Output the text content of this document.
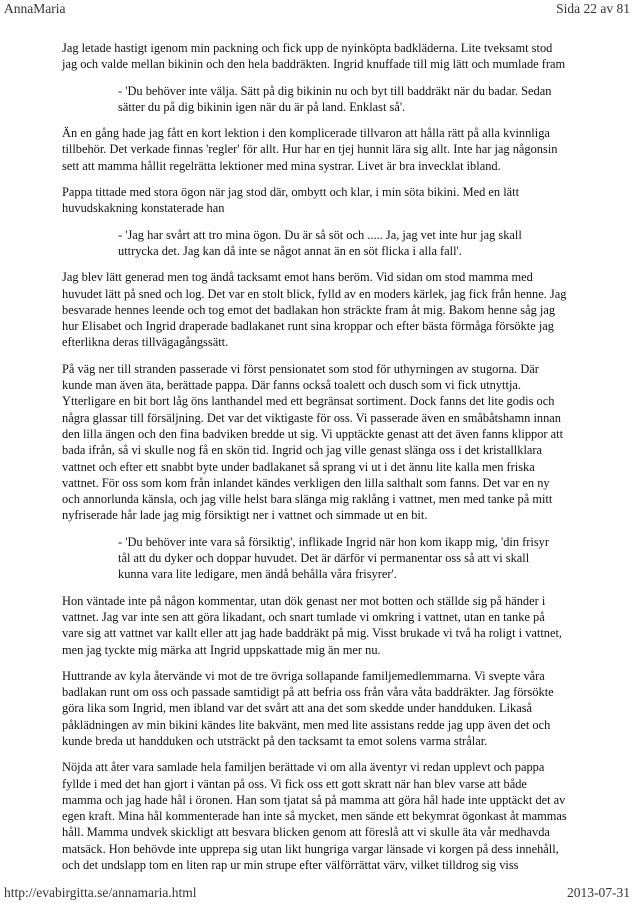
AnnaMaria	Sida 22 av 81

Jag letade hastigt igenom min packning och fick upp de nyinköpta badkläderna. Lite tveksamt stod
jag och valde mellan bikinin och den hela baddräkten. Ingrid knuffade till mig lätt och mumlade fram

- 'Du behöver inte välja. Sätt på dig bikinin nu och byt till baddräkt när du badar. Sedan
sätter du på dig bikinin igen när du är på land. Enklast så'.

Än en gång hade jag fått en kort lektion i den komplicerade tillvaron att hålla rätt på alla kvinnliga
tillbehör. Det verkade finnas 'regler' för allt. Hur har en tjej hunnit lära sig allt. Inte har jag någonsin
sett att mamma hållit regelrätta lektioner med mina systrar. Livet är bra invecklat ibland.

Pappa tittade med stora ögon när jag stod där, ombytt och klar, i min söta bikini. Med en lätt
huvudskakning konstaterade han

- 'Jag har svårt att tro mina ögon. Du är så söt och ..... Ja, jag vet inte hur jag skall
uttrycka det. Jag kan då inte se något annat än en söt flicka i alla fall'.

Jag blev lätt generad men tog ändå tacksamt emot hans beröm. Vid sidan om stod mamma med
huvudet lätt på sned och log. Det var en stolt blick, fylld av en moders kärlek, jag fick från henne. Jag
besvarade hennes leende och tog emot det badlakan hon sträckte fram åt mig. Bakom henne såg jag
hur Elisabet och Ingrid draperade badlakanet runt sina kroppar och efter bästa förmåga försökte jag
efterlikna deras tillvägagångssätt.

På väg ner till stranden passerade vi först pensionatet som stod för uthyrningen av stugorna. Där
kunde man även äta, berättade pappa. Där fanns också toalett och dusch som vi fick utnyttja.
Ytterligare en bit bort låg öns lanthandel med ett begränsat sortiment. Dock fanns det lite godis och
några glassar till försäljning. Det var det viktigaste för oss. Vi passerade även en småbåtshamn innan
den lilla ängen och den fina badviken bredde ut sig. Vi upptäckte genast att det även fanns klippor att
bada ifrån, så vi skulle nog få en skön tid. Ingrid och jag ville genast slänga oss i det kristallklara
vattnet och efter ett snabbt byte under badlakanet så sprang vi ut i det ännu lite kalla men friska
vattnet. För oss som kom från inlandet kändes verkligen den lilla salthalt som fanns. Det var en ny
och annorlunda känsla, och jag ville helst bara slänga mig raklång i vattnet, men med tanke på mitt
nyfriserade hår lade jag mig försiktigt ner i vattnet och simmade ut en bit.

- 'Du behöver inte vara så försiktig', inflikade Ingrid när hon kom ikapp mig, 'din frisyr
tål att du dyker och doppar huvudet. Det är därför vi permanentar oss så att vi skall
kunna vara lite ledigare, men ändå behålla våra frisyrer'.

Hon väntade inte på någon kommentar, utan dök genast ner mot botten och ställde sig på händer i
vattnet. Jag var inte sen att göra likadant, och snart tumlade vi omkring i vattnet, utan en tanke på
vare sig att vattnet var kallt eller att jag hade baddräkt på mig. Visst brukade vi två ha roligt i vattnet,
men jag tyckte mig märka att Ingrid uppskattade mig än mer nu.

Huttrande av kyla återvände vi mot de tre övriga sollapande familjemedlemmarna. Vi svepte våra
badlakan runt om oss och passade samtidigt på att befria oss från våra våta baddräkter. Jag försökte
göra lika som Ingrid, men ibland var det svårt att ana det som skedde under handduken. Likaså
påklädningen av min bikini kändes lite bakvänt, men med lite assistans redde jag upp även det och
kunde breda ut handduken och utsträckt på den tacksamt ta emot solens varma strålar.

Nöjda att åter vara samlade hela familjen berättade vi om alla äventyr vi redan upplevt och pappa
fyllde i med det han gjort i väntan på oss. Vi fick oss ett gott skratt när han blev varse att både
mamma och jag hade hål i öronen. Han som tjatat så på mamma att göra hål hade inte upptäckt det av
egen kraft. Mina hål kommenterade han inte så mycket, men sände ett bekymrat ögonkast åt mammas
håll. Mamma undvek skickligt att besvara blicken genom att föreslå att vi skulle äta vår medhavda
matsäck. Hon behövde inte upprepa sig utan likt hungriga vargar länsade vi korgen på dess innehåll,
och det undslapp tom en liten rap ur min strupe efter välförrättat värv, vilket tilldrog sig viss

http://evabirgitta.se/annamaria.html	2013-07-31
